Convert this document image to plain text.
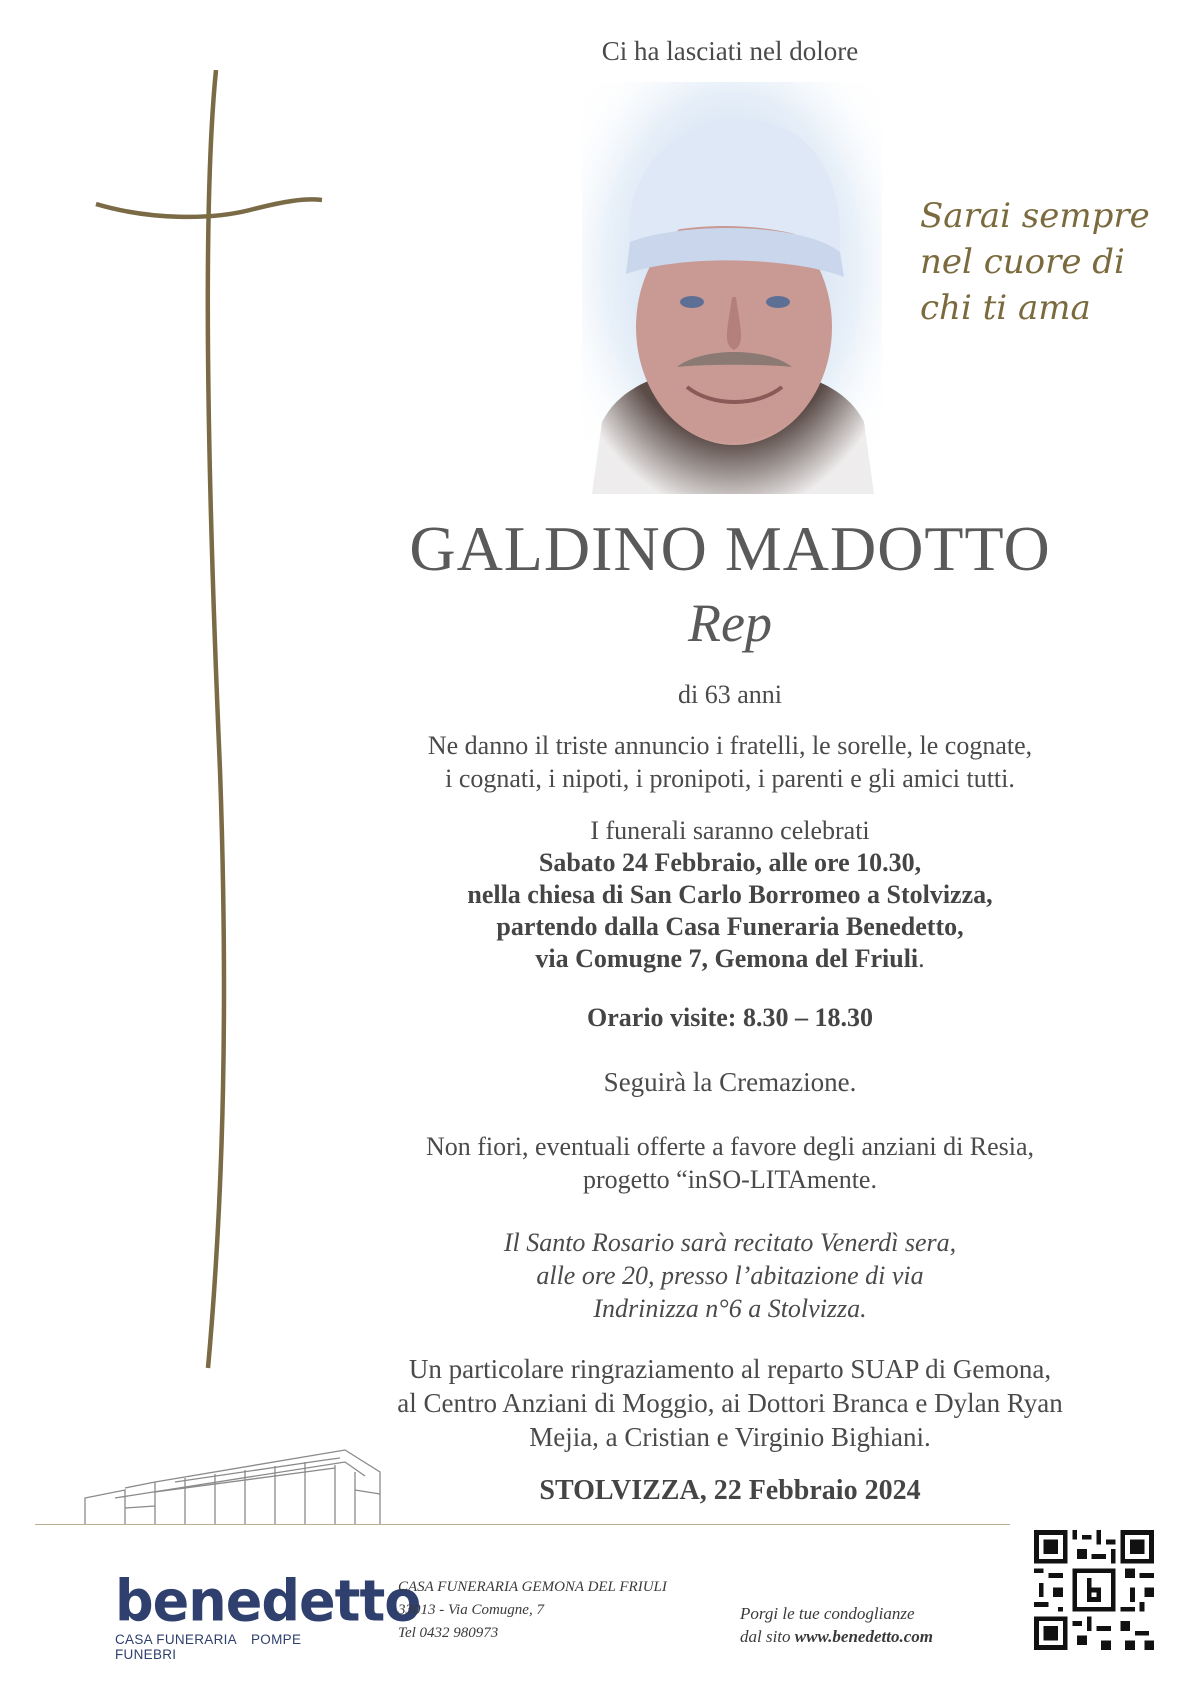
Ci ha lasciati nel dolore
Sarai sempre
nel cuore di
chi ti ama
GALDINO MADOTTO
Rep
di 63 anni
Ne danno il triste annuncio i fratelli, le sorelle, le cognate,
i cognati, i nipoti, i pronipoti, i parenti e gli amici tutti.
I funerali saranno celebrati
Sabato 24 Febbraio, alle ore 10.30,
nella chiesa di San Carlo Borromeo a Stolvizza,
partendo dalla Casa Funeraria Benedetto,
via Comugne 7, Gemona del Friuli.
Orario visite: 8.30 – 18.30
Seguirà la Cremazione.
Non fiori, eventuali offerte a favore degli anziani di Resia,
progetto “inSO-LITAmente.
Il Santo Rosario sarà recitato Venerdì sera,
alle ore 20, presso l’abitazione di via
Indrinizza n°6 a Stolvizza.
Un particolare ringraziamento al reparto SUAP di Gemona,
al Centro Anziani di Moggio, ai Dottori Branca e Dylan Ryan
Mejia, a Cristian e Virginio Bighiani.
STOLVIZZA, 22 Febbraio 2024
benedetto
CASA FUNERARIA POMPE FUNEBRI
CASA FUNERARIA GEMONA DEL FRIULI
33013 - Via Comugne, 7
Tel 0432 980973
Porgi le tue condoglianze
dal sito www.benedetto.com
